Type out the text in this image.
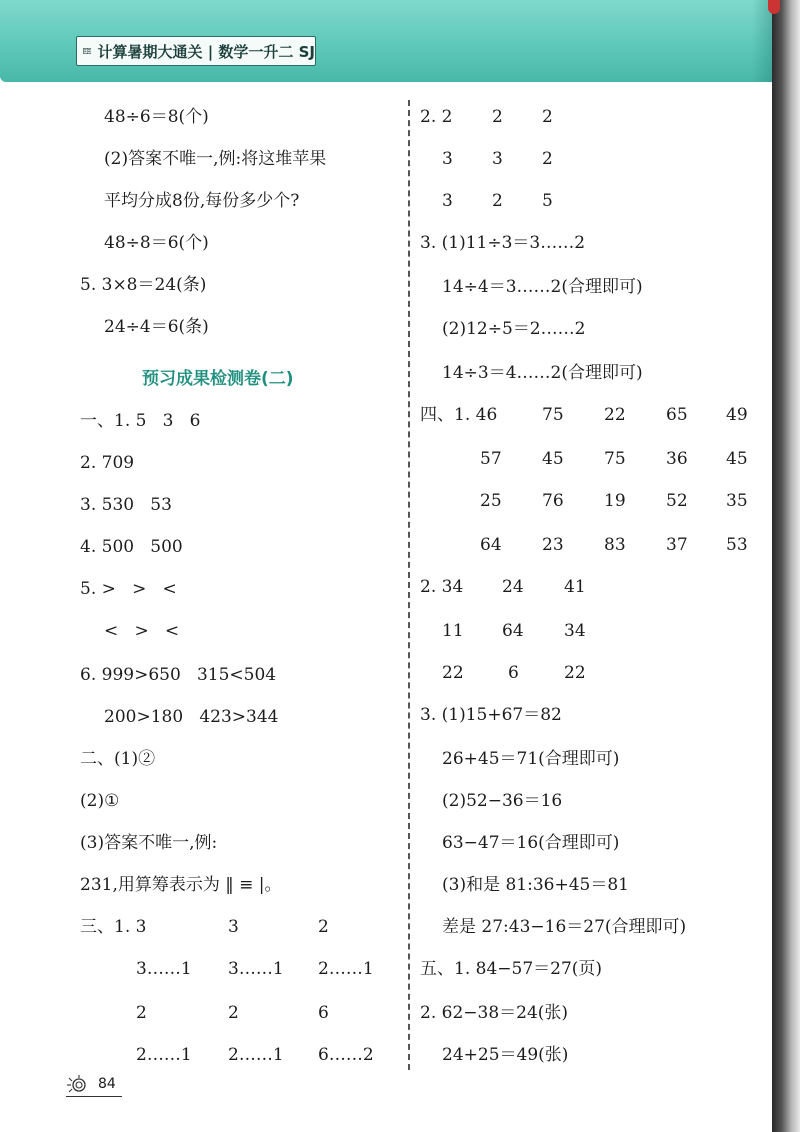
计算暑期大通关 | 数学一升二 SJ
48÷6＝8(个)
(2)答案不唯一,例:将这堆苹果
平均分成8份,每份多少个?
48÷8＝6(个)
5. 3×8＝24(条)
24÷4＝6(条)
预习成果检测卷(二)
一、1. 5   3   6
2. 709
3. 530   53
4. 500   500
5. >   >   <
<   >   <
6. 999>650   315<504
200>180   423>344
二、(1)②
(2)①
(3)答案不唯一,例:
231,用算筹表示为 ‖ ≡ |。
三、1. 3	3	2
3……1 3……1 2……1
2	2	6
2……1 2……1 6……2
2. 2 2 2
3 3 2
3 2 5
3. (1)11÷3＝3……2
14÷4＝3……2(合理即可)
(2)12÷5＝2……2
14÷3＝4……2(合理即可)
四、1. 46	75 22 65 49
57 45 75 36 45
25 76 19 52 35
64 23 83 37 53
2. 34 24 41
11 64 34
22	6	22
3. (1)15+67＝82
26+45＝71(合理即可)
(2)52−36＝16
63−47＝16(合理即可)
(3)和是 81:36+45＝81
差是 27:43−16＝27(合理即可)
五、1. 84−57＝27(页)
2. 62−38＝24(张)
24+25＝49(张)
84
